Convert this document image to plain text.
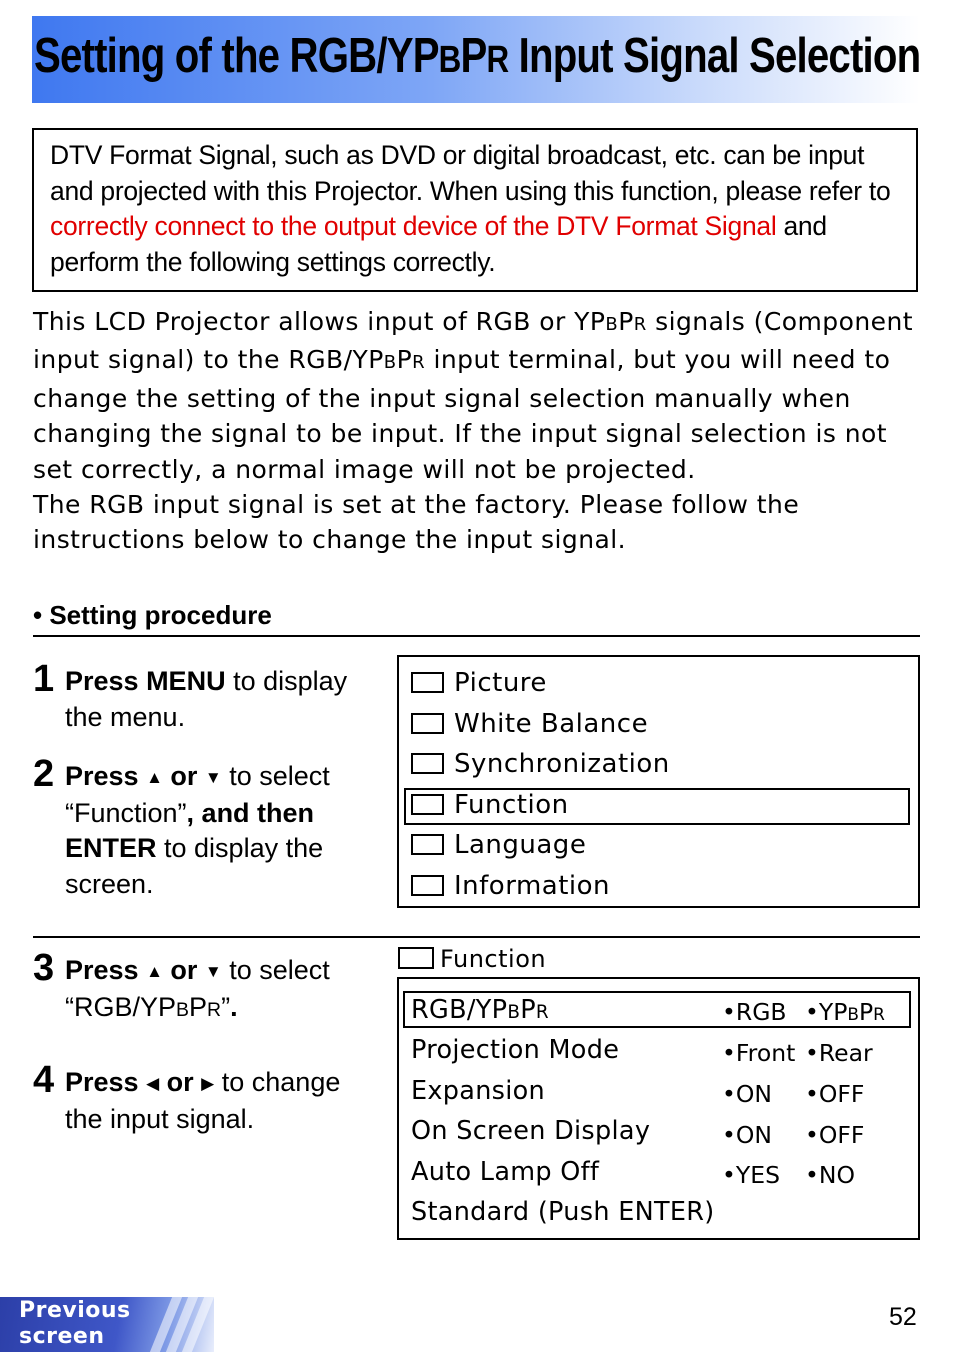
Setting of the RGB/YPBPR Input Signal Selection
DTV Format Signal, such as DVD or digital broadcast, etc. can be input and projected with this Projector. When using this function, please refer to correctly connect to the output device of the DTV Format Signal and perform the following settings correctly.
This LCD Projector allows input of RGB or YPBPR signals (Component input signal) to the RGB/YPBPR input terminal, but you will need to change the setting of the input signal selection manually when changing the signal to be input. If the input signal selection is not set correctly, a normal image will not be projected.
The RGB input signal is set at the factory. Please follow the instructions below to change the input signal.
• Setting procedure
1 Press MENU to display the menu.
2 Press ▲ or ▼ to select “Function”, and then ENTER to display the screen.
Picture
White Balance
Synchronization
Function
Language
Information
3 Press ▲ or ▼ to select “RGB/YPBPR”.
4 Press ◀ or ▶ to change the input signal.
Function
RGB/YPBPR	•RGB •YPBPR
Projection Mode	•Front •Rear
Expansion	•ON •OFF
On Screen Display	•ON •OFF
Auto Lamp Off	•YES •NO
Standard (Push ENTER)
Previous
screen
52
